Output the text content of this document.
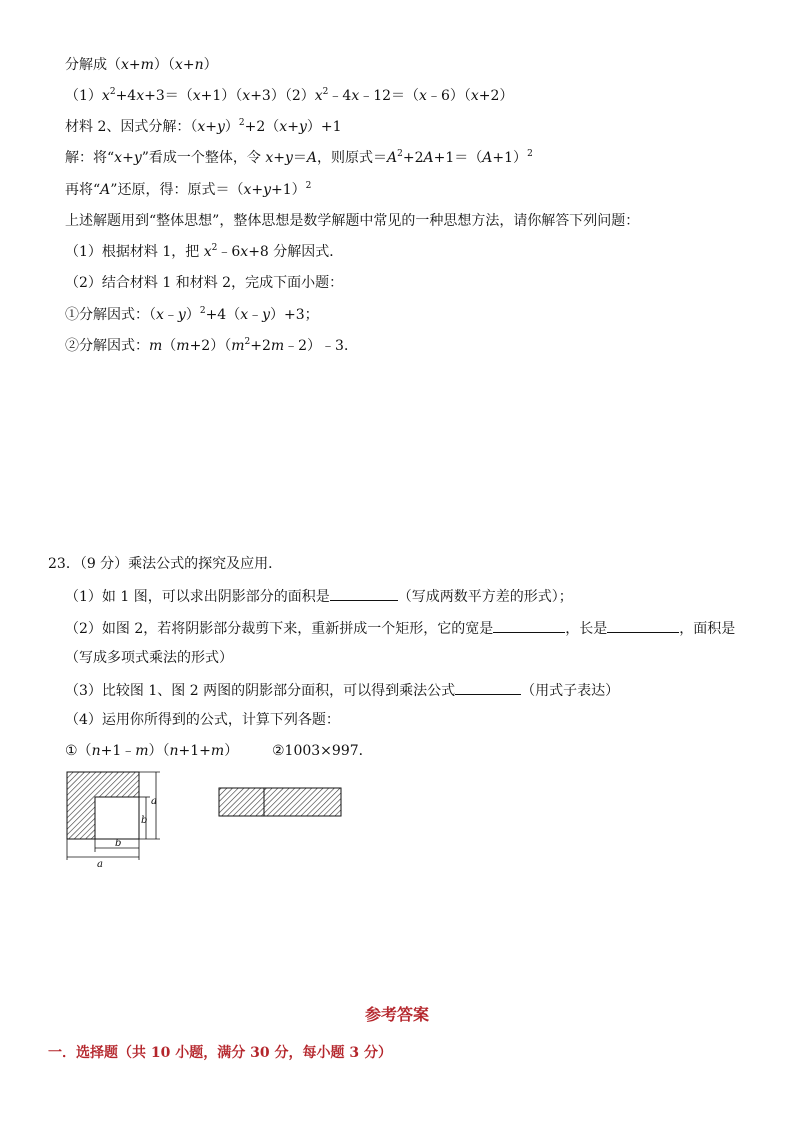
分解成（x+m）（x+n）
$(1)x^2+4x+3=(x+1)(x+3)(2)x^2﹣4x﹣12=(x﹣6)(x+2)$
材料 2、因式分解：$(x+y)^2+2(x+y)+1$
解：将“x+y”看成一个整体，令 x+y＝A，则原式$=A^2+2A+1=(A+1)^2$
再将“A”还原，得：原式$=(x+y+1)^2$
上述解题用到“整体思想”，整体思想是数学解题中常见的一种思想方法，请你解答下列问题：
（1）根据材料 1，把 $x^2﹣6x+8$ 分解因式．
（2）结合材料 1 和材料 2，完成下面小题：
①分解因式：（x﹣y）$^2$+4（x﹣y）+3；
②分解因式：$m(m+2)(m^2+2m﹣2)﹣3$．
23．（9 分）乘法公式的探究及应用．
（1）如 1 图，可以求出阴影部分的面积是	（写成两数平方差的形式）；
（2）如图 2，若将阴影部分裁剪下来，重新拼成一个矩形，它的宽是	，长是	，面积是
（写成多项式乘法的形式）
（3）比较图 1、图 2 两图的阴影部分面积，可以得到乘法公式	（用式子表达）
（4）运用你所得到的公式，计算下列各题：
①（n+1﹣m）（n+1+m） ②1003×997．
a
b
b
a
参考答案
一．选择题（共 10 小题，满分 30 分，每小题 3 分）
